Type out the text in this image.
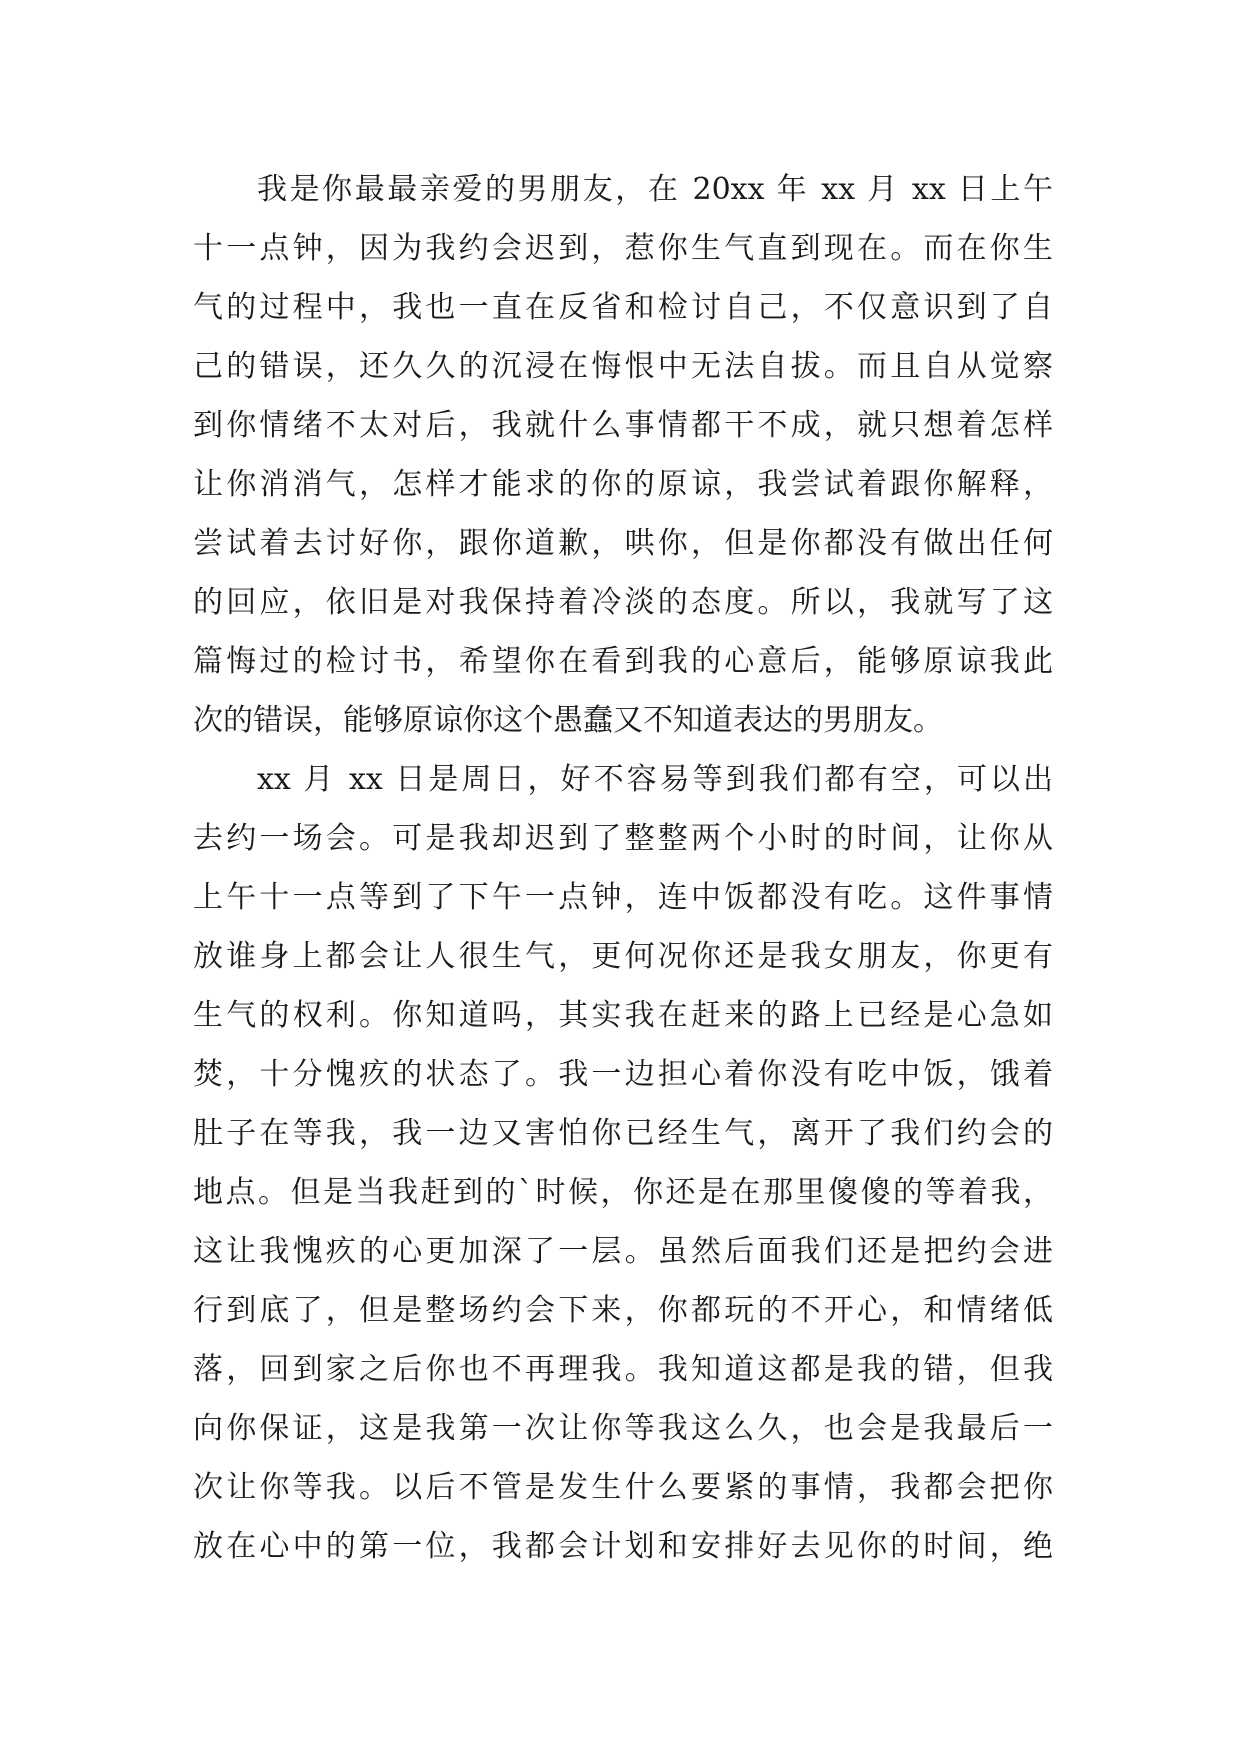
我是你最最亲爱的男朋友，在 20xx 年 xx 月 xx 日上午
十一点钟，因为我约会迟到，惹你生气直到现在。而在你生
气的过程中，我也一直在反省和检讨自己，不仅意识到了自
己的错误，还久久的沉浸在悔恨中无法自拔。而且自从觉察
到你情绪不太对后，我就什么事情都干不成，就只想着怎样
让你消消气，怎样才能求的你的原谅，我尝试着跟你解释，
尝试着去讨好你，跟你道歉，哄你，但是你都没有做出任何
的回应，依旧是对我保持着冷淡的态度。所以，我就写了这
篇悔过的检讨书，希望你在看到我的心意后，能够原谅我此
次的错误，能够原谅你这个愚蠢又不知道表达的男朋友。
xx 月 xx 日是周日，好不容易等到我们都有空，可以出
去约一场会。可是我却迟到了整整两个小时的时间，让你从
上午十一点等到了下午一点钟，连中饭都没有吃。这件事情
放谁身上都会让人很生气，更何况你还是我女朋友，你更有
生气的权利。你知道吗，其实我在赶来的路上已经是心急如
焚，十分愧疚的状态了。我一边担心着你没有吃中饭，饿着
肚子在等我，我一边又害怕你已经生气，离开了我们约会的
地点。但是当我赶到的`时候，你还是在那里傻傻的等着我，
这让我愧疚的心更加深了一层。虽然后面我们还是把约会进
行到底了，但是整场约会下来，你都玩的不开心，和情绪低
落，回到家之后你也不再理我。我知道这都是我的错，但我
向你保证，这是我第一次让你等我这么久，也会是我最后一
次让你等我。以后不管是发生什么要紧的事情，我都会把你
放在心中的第一位，我都会计划和安排好去见你的时间，绝
